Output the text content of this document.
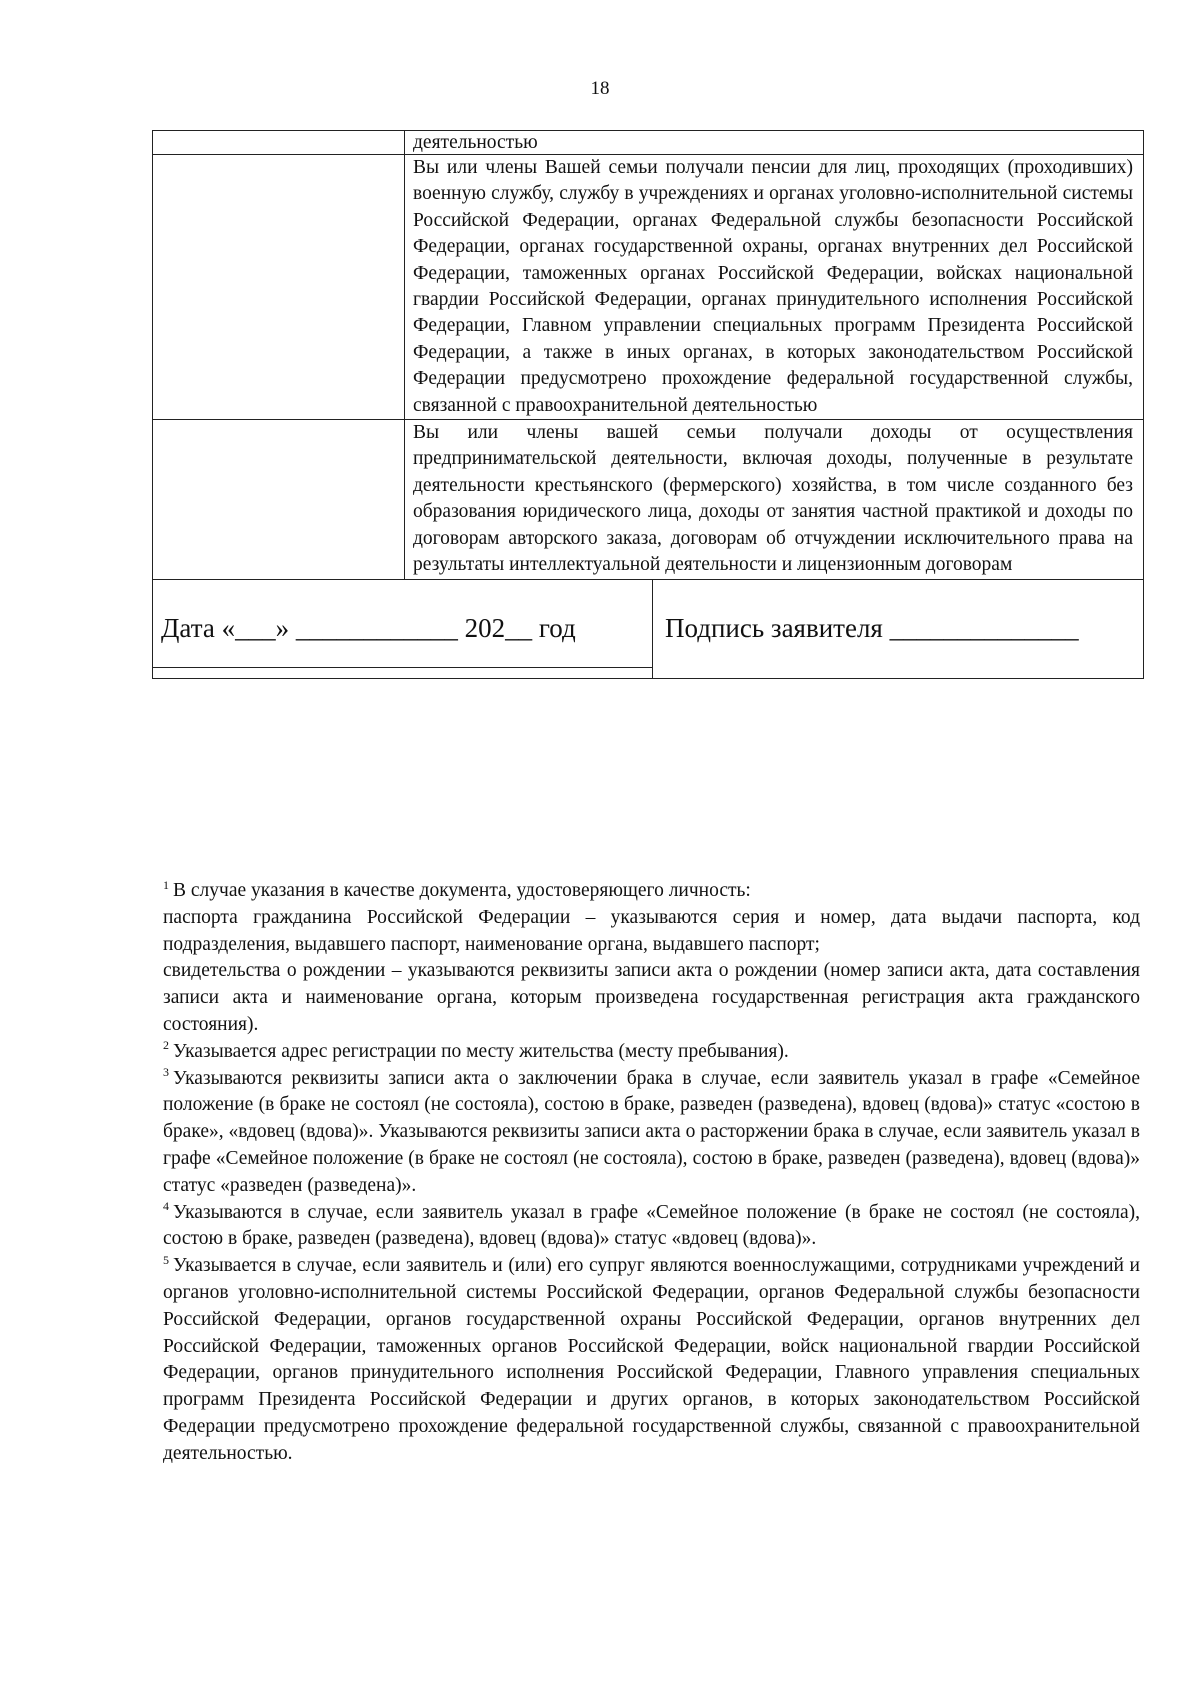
18
деятельностью
Вы или члены Вашей семьи получали пенсии для лиц, проходящих (проходивших) военную службу, службу в учреждениях и органах уголовно-исполнительной системы Российской Федерации, органах Федеральной службы безопасности Российской Федерации, органах государственной охраны, органах внутренних дел Российской Федерации, таможенных органах Российской Федерации, войсках национальной гвардии Российской Федерации, органах принудительного исполнения Российской Федерации, Главном управлении специальных программ Президента Российской Федерации, а также в иных органах, в которых законодательством Российской Федерации предусмотрено прохождение федеральной государственной службы, связанной с правоохранительной деятельностью
Вы или члены вашей семьи получали доходы от осуществления предпринимательской деятельности, включая доходы, полученные в результате деятельности крестьянского (фермерского) хозяйства, в том числе созданного без образования юридического лица, доходы от занятия частной практикой и доходы по договорам авторского заказа, договорам об отчуждении исключительного права на результаты интеллектуальной деятельности и лицензионным договорам
Дата «___» ____________ 202__ год	Подпись заявителя ______________

$^1$ В случае указания в качестве документа, удостоверяющего личность:

паспорта гражданина Российской Федерации – указываются серия и номер, дата выдачи паспорта, код подразделения, выдавшего паспорт, наименование органа, выдавшего паспорт;

свидетельства о рождении – указываются реквизиты записи акта о рождении (номер записи акта, дата составления записи акта и наименование органа, которым произведена государственная регистрация акта гражданского состояния).

$^2$ Указывается адрес регистрации по месту жительства (месту пребывания).

$^3$ Указываются реквизиты записи акта о заключении брака в случае, если заявитель указал в графе «Семейное положение (в браке не состоял (не состояла), состою в браке, разведен (разведена), вдовец (вдова)» статус «состою в браке», «вдовец (вдова)». Указываются реквизиты записи акта о расторжении брака в случае, если заявитель указал в графе «Семейное положение (в браке не состоял (не состояла), состою в браке, разведен (разведена), вдовец (вдова)» статус «разведен (разведена)».

$^4$ Указываются в случае, если заявитель указал в графе «Семейное положение (в браке не состоял (не состояла), состою в браке, разведен (разведена), вдовец (вдова)» статус «вдовец (вдова)».

$^5$ Указывается в случае, если заявитель и (или) его супруг являются военнослужащими, сотрудниками учреждений и органов уголовно-исполнительной системы Российской Федерации, органов Федеральной службы безопасности Российской Федерации, органов государственной охраны Российской Федерации, органов внутренних дел Российской Федерации, таможенных органов Российской Федерации, войск национальной гвардии Российской Федерации, органов принудительного исполнения Российской Федерации, Главного управления специальных программ Президента Российской Федерации и других органов, в которых законодательством Российской Федерации предусмотрено прохождение федеральной государственной службы, связанной с правоохранительной деятельностью.
